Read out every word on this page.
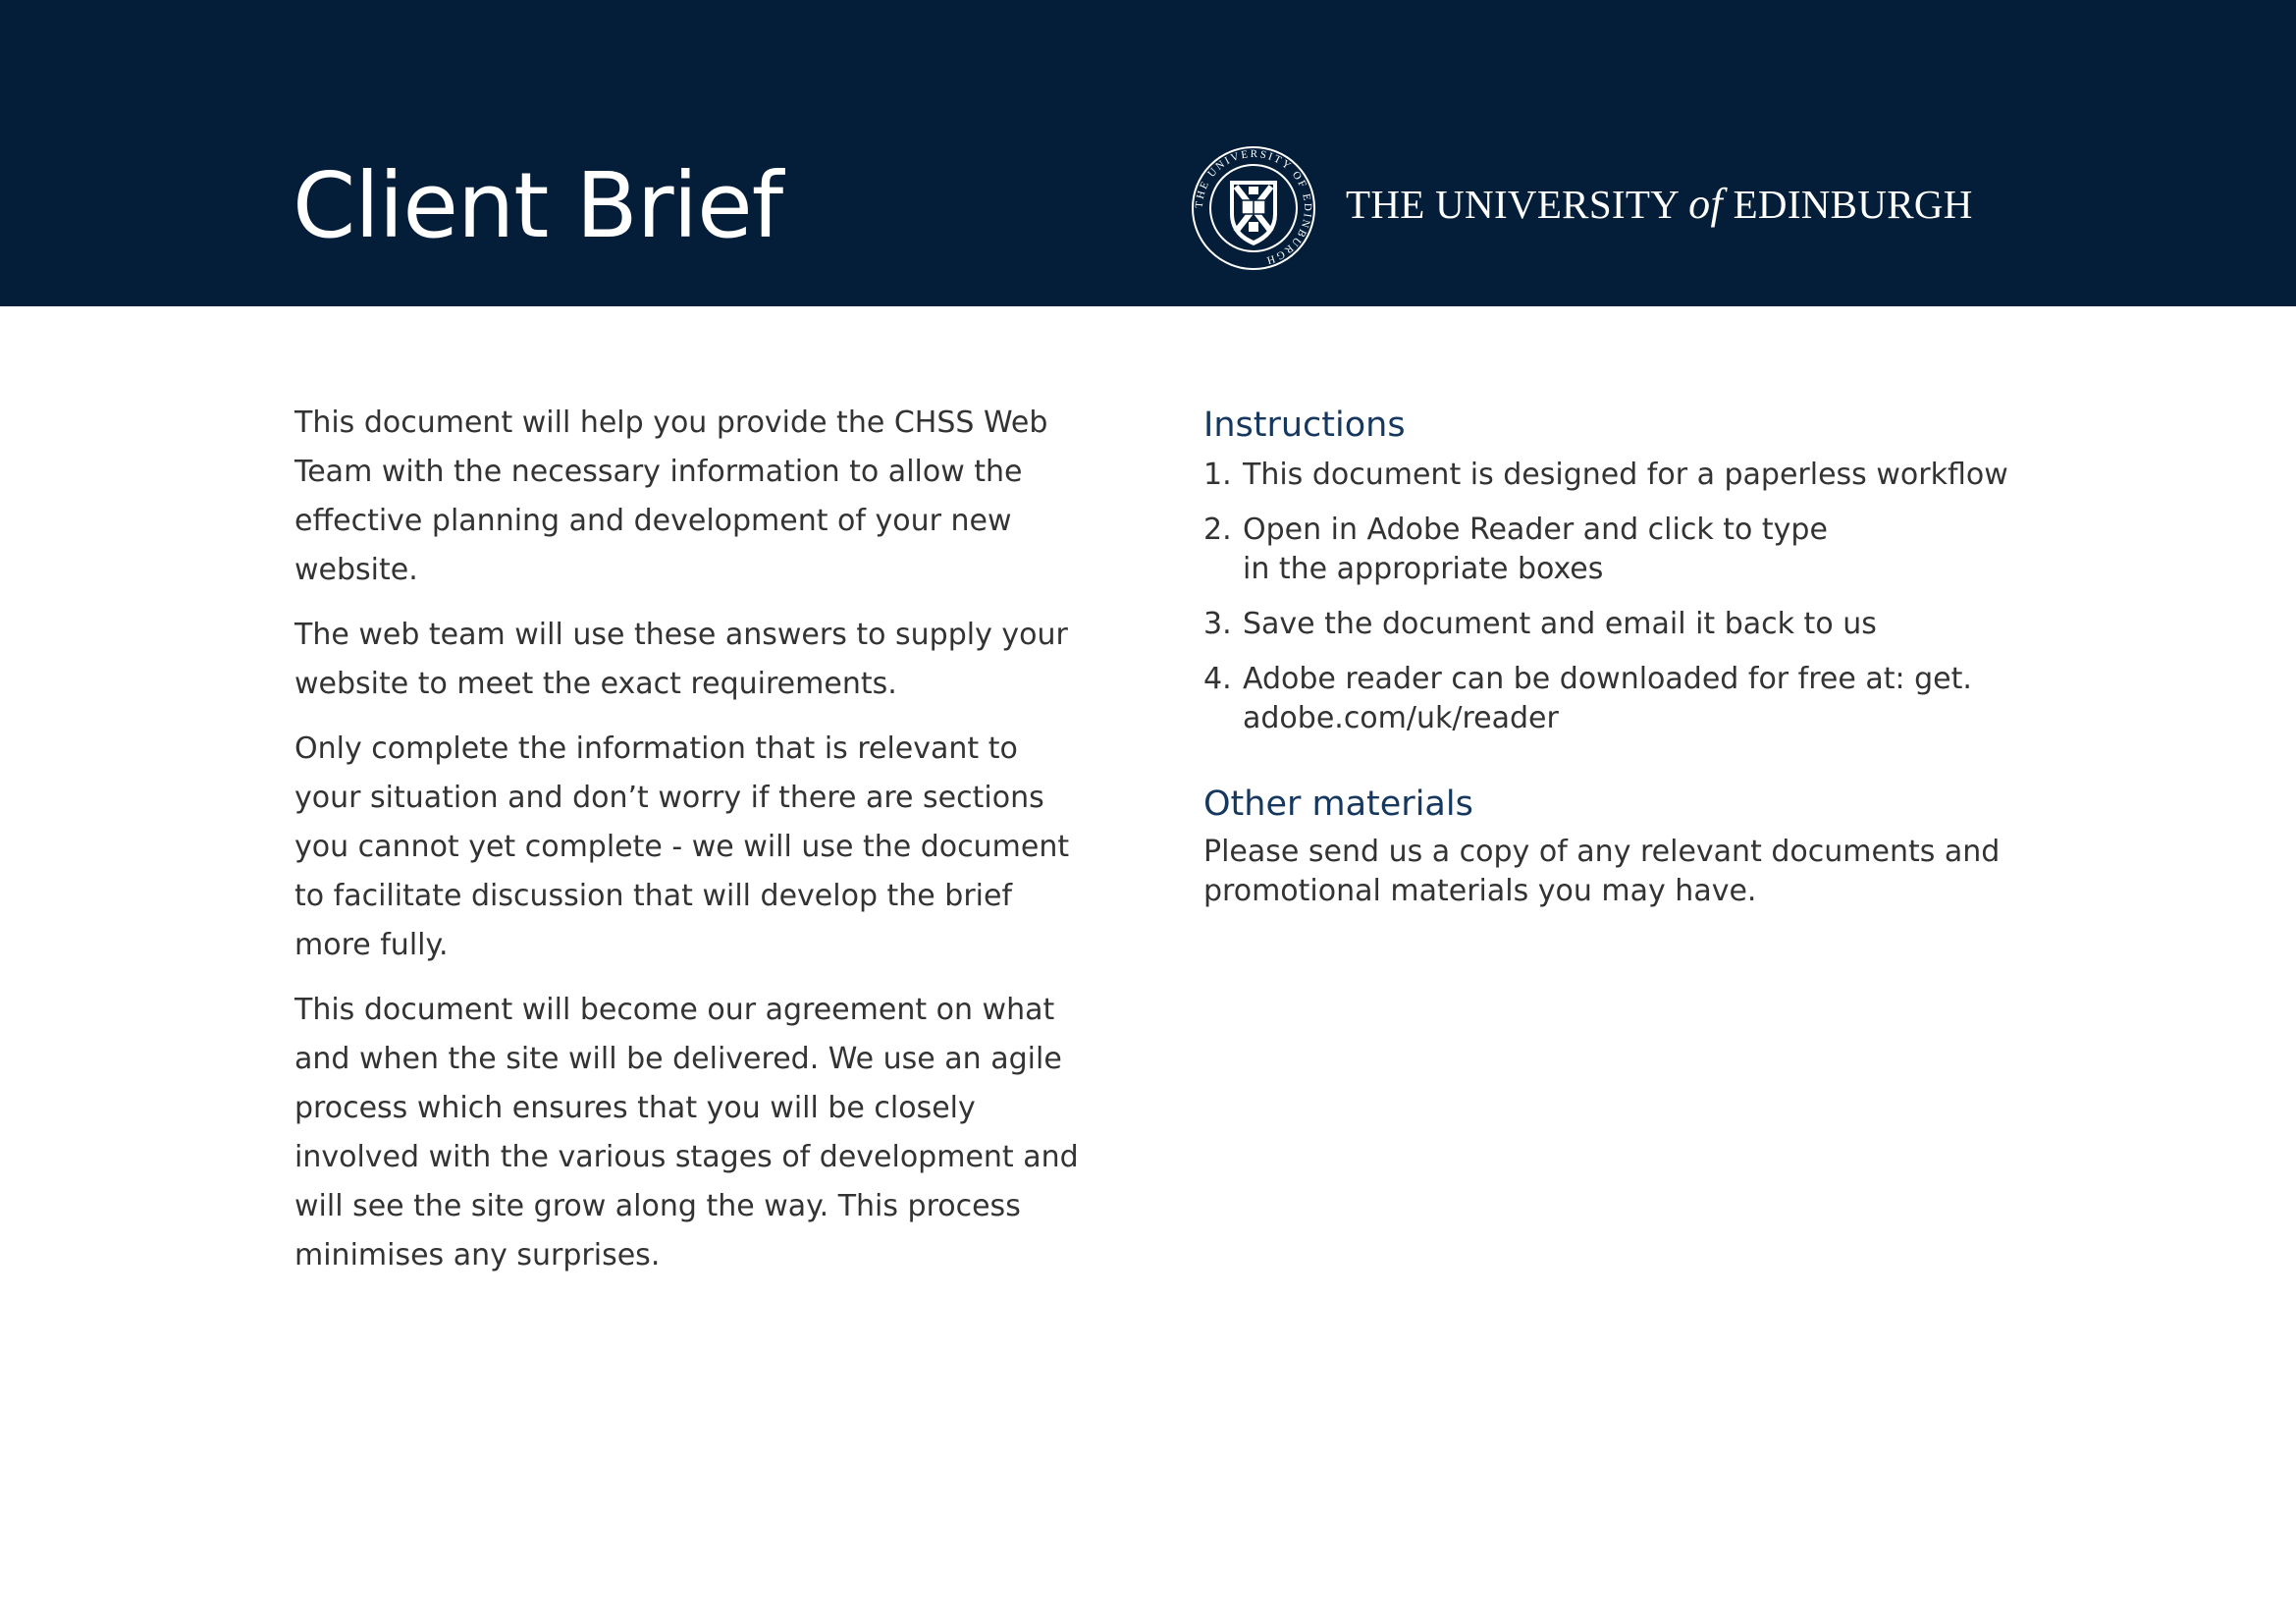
Client Brief	THE UNIVERSITY OF EDINBURGH
THE UNIVERSITY of EDINBURGH

This document will help you provide the CHSS Web Team with the necessary information to allow the effective planning and development of your new website.

The web team will use these answers to supply your website to meet the exact requirements.

Only complete the information that is relevant to your situation and don’t worry if there are sections you cannot yet complete - we will use the document to facilitate discussion that will develop the brief more fully.

This document will become our agreement on what and when the site will be delivered. We use an agile process which ensures that you will be closely involved with the various stages of development and will see the site grow along the way. This process minimises any surprises.

Instructions
1. This document is designed for a paperless workflow
2. Open in Adobe Reader and click to type in the appropriate boxes
3. Save the document and email it back to us
4. Adobe reader can be downloaded for free at: get. adobe.com/uk/reader
Other materials

Please send us a copy of any relevant documents and promotional materials you may have.
